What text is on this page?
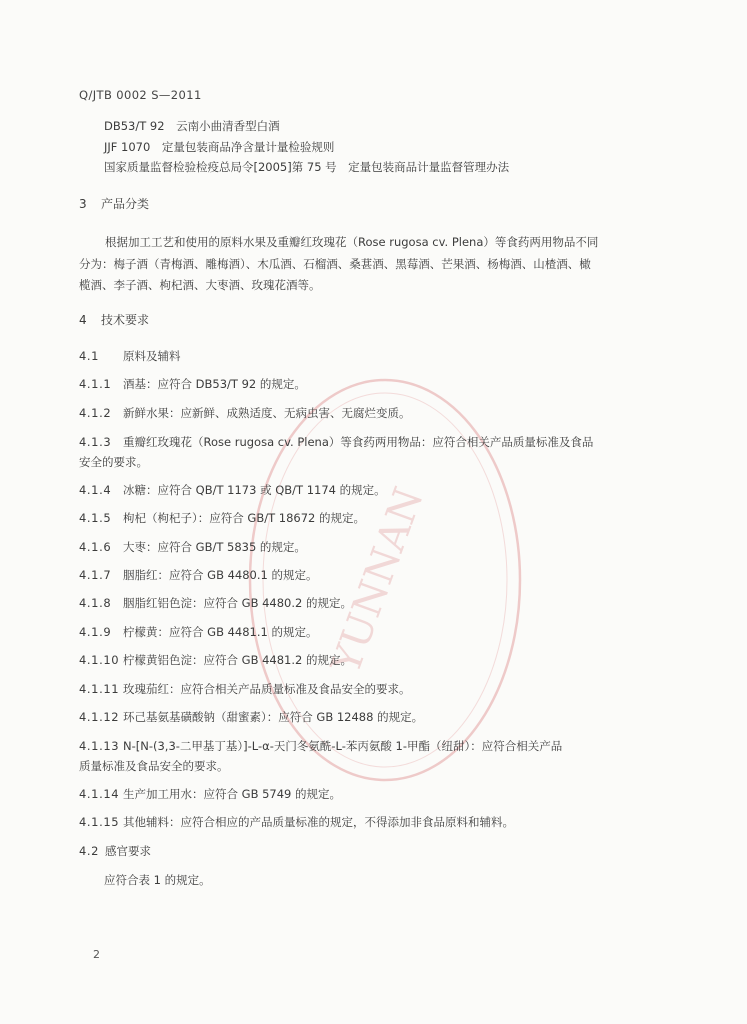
YUNNAN
Q/JTB 0002 S—2011
DB53/T 92　云南小曲清香型白酒
JJF 1070　定量包装商品净含量计量检验规则
国家质量监督检验检疫总局令[2005]第 75 号　定量包装商品计量监督管理办法
3 产品分类
根据加工工艺和使用的原料水果及重瓣红玫瑰花（Rose rugosa cv. Plena）等食药两用物品不同
分为：梅子酒（青梅酒、雕梅酒）、木瓜酒、石榴酒、桑葚酒、黑莓酒、芒果酒、杨梅酒、山楂酒、橄
榄酒、李子酒、枸杞酒、大枣酒、玫瑰花酒等。
4 技术要求
4.1 原料及辅料
4.1.1 酒基：应符合 DB53/T 92 的规定。
4.1.2 新鲜水果：应新鲜、成熟适度、无病虫害、无腐烂变质。
4.1.3 重瓣红玫瑰花（Rose rugosa cv. Plena）等食药两用物品：应符合相关产品质量标准及食品
安全的要求。
4.1.4 冰糖：应符合 QB/T 1173 或 QB/T 1174 的规定。
4.1.5 枸杞（枸杞子）：应符合 GB/T 18672 的规定。
4.1.6 大枣：应符合 GB/T 5835 的规定。
4.1.7 胭脂红：应符合 GB 4480.1 的规定。
4.1.8 胭脂红铝色淀：应符合 GB 4480.2 的规定。
4.1.9 柠檬黄：应符合 GB 4481.1 的规定。
4.1.10 柠檬黄铝色淀：应符合 GB 4481.2 的规定。
4.1.11 玫瑰茄红：应符合相关产品质量标准及食品安全的要求。
4.1.12 环己基氨基磺酸钠（甜蜜素）：应符合 GB 12488 的规定。
4.1.13 N-[N-(3,3-二甲基丁基）]-L-α-天门冬氨酰-L-苯丙氨酸 1-甲酯（纽甜）：应符合相关产品
质量标准及食品安全的要求。
4.1.14 生产加工用水：应符合 GB 5749 的规定。
4.1.15 其他辅料：应符合相应的产品质量标准的规定，不得添加非食品原料和辅料。
4.2 感官要求
应符合表 1 的规定。
2
